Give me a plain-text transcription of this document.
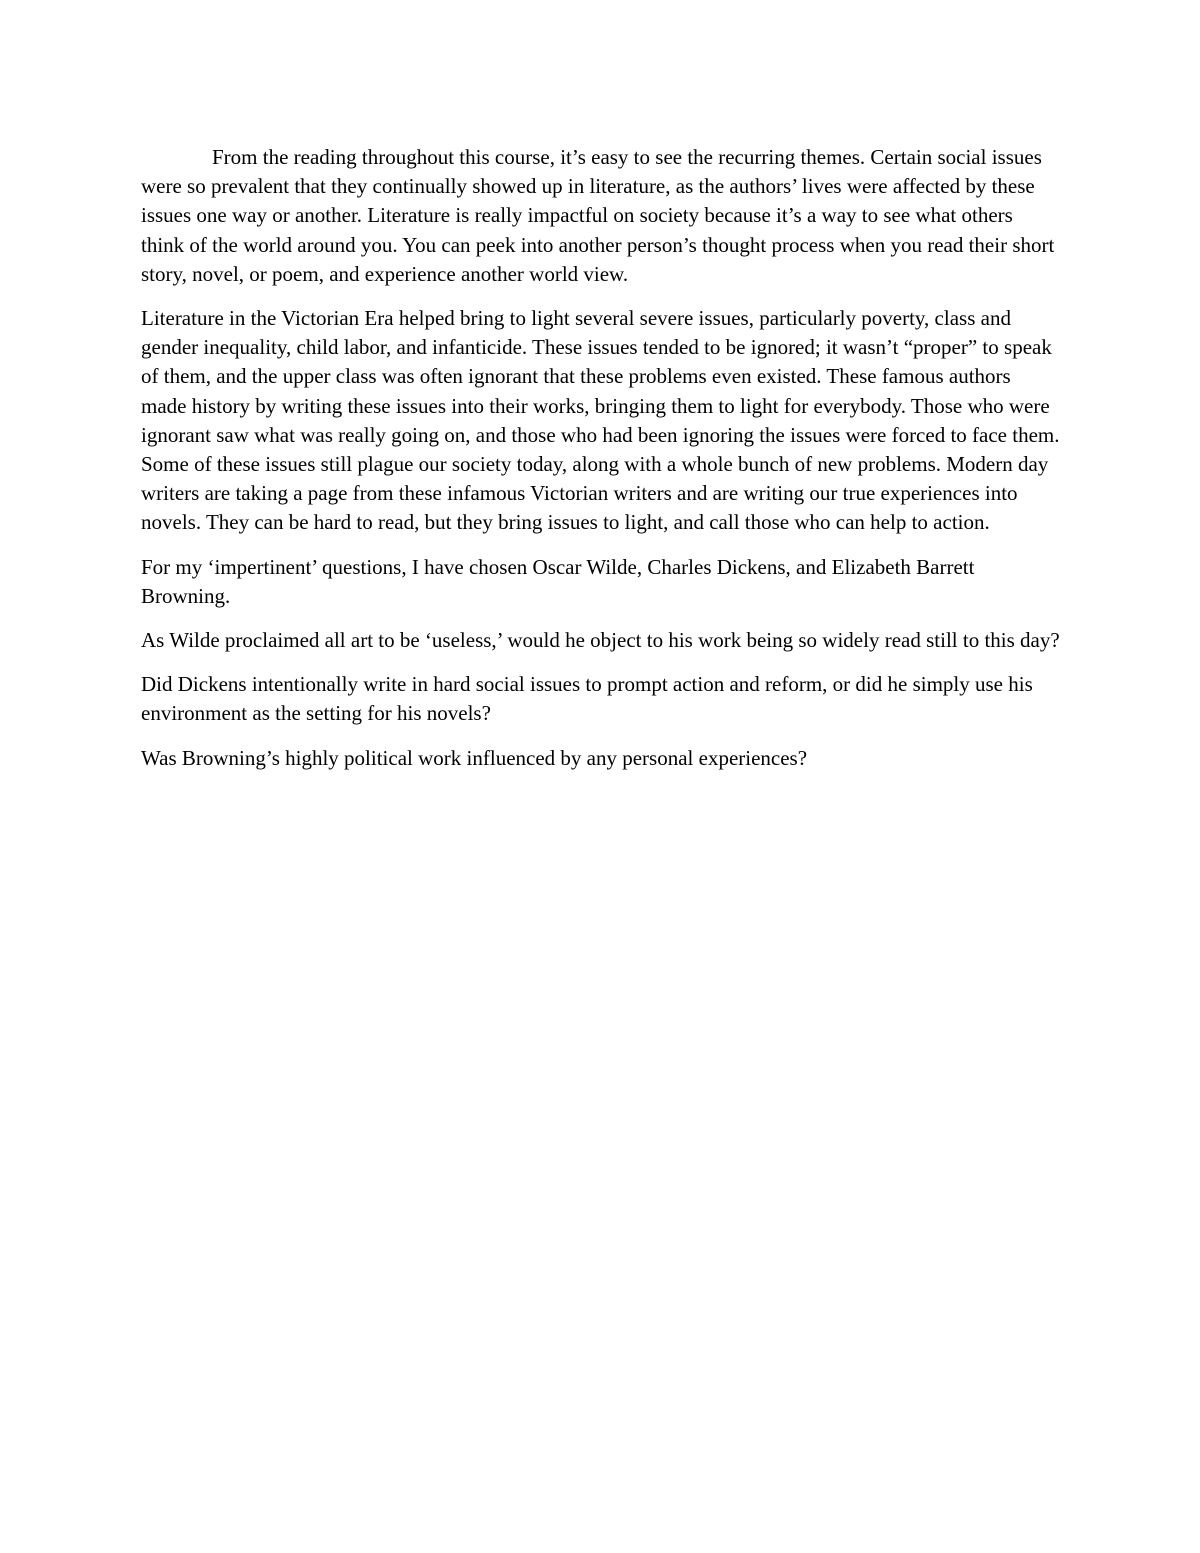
From the reading throughout this course, it’s easy to see the recurring themes. Certain social issues were so prevalent that they continually showed up in literature, as the authors’ lives were affected by these issues one way or another. Literature is really impactful on society because it’s a way to see what others think of the world around you. You can peek into another person’s thought process when you read their short story, novel, or poem, and experience another world view.

Literature in the Victorian Era helped bring to light several severe issues, particularly poverty, class and gender inequality, child labor, and infanticide. These issues tended to be ignored; it wasn’t “proper” to speak of them, and the upper class was often ignorant that these problems even existed. These famous authors made history by writing these issues into their works, bringing them to light for everybody. Those who were ignorant saw what was really going on, and those who had been ignoring the issues were forced to face them. Some of these issues still plague our society today, along with a whole bunch of new problems. Modern day writers are taking a page from these infamous Victorian writers and are writing our true experiences into novels. They can be hard to read, but they bring issues to light, and call those who can help to action.

For my ‘impertinent’ questions, I have chosen Oscar Wilde, Charles Dickens, and Elizabeth Barrett Browning.

As Wilde proclaimed all art to be ‘useless,’ would he object to his work being so widely read still to this day?

Did Dickens intentionally write in hard social issues to prompt action and reform, or did he simply use his environment as the setting for his novels?

Was Browning’s highly political work influenced by any personal experiences?
